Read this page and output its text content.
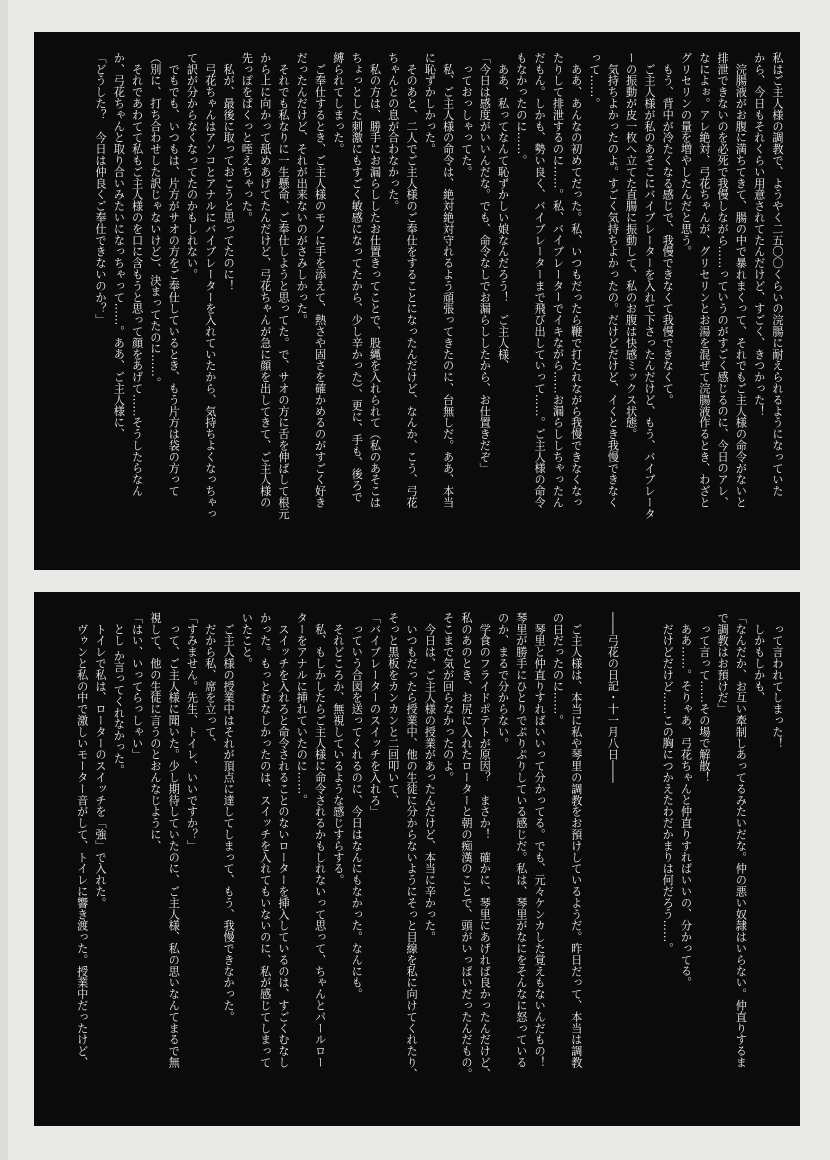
私はご主人様の調教で、ようやく二五〇〇くらいの浣腸に耐えられるようになっていた

から、今日もそれくらい用意されてたんだけど、すごく、きつかった！

　浣腸液がお腹に満ちてきて、腸の中で暴れまくって、それでもご主人様の命令がないと

排泄できないのを必死で我慢しながら……っていうのがすごく感じるのに、今日のアレ、

なによぉ。アレ絶対、弓花ちゃんが、グリセリンとお湯を混ぜて浣腸液作るとき、わざと

グリセリンの量を増やしたんだと思う。

　もう、背中が冷たくなる感じで、我慢できなくて我慢できなくて。

　ご主人様が私のあそこにバイブレーターを入れて下さったんだけど、もう、バイブレータ

ーの振動が皮一枚へ立てた直腸に振動して、私のお腹は快感ミックス状態。

　気持ちよかったのよ。すごく気持ちよかったの。だけどだけど、イくとき我慢できなく

って……。

　ああ、あんなの初めてだった。私、いつもだったら鞭で打たれながら我慢できなくなっ

たりして排泄するのに……。私、バイブレーターでイキながら……お漏らししちゃったん

だもん。しかも、勢い良く、バイブレーターまで飛び出していって……。ご主人様の命令

もなかったのに……。

　ああ、私ってなんて恥ずかしい娘なんだろう！　ご主人様、

「今日は感度がいいんだな。でも、命令なしでお漏らししたから、お仕置きだぞ」

　っておっしゃってた。

　私、ご主人様の命令は、絶対絶対守れるよう頑張ってきたのに、台無しだ。ああ、本当

に恥ずかしかった。

　そのあと、二人でご主人様のご奉仕をすることになったんだけど、なんか、こう、弓花

ちゃんとの息が合わなかった。

　私の方は、勝手にお漏らししたお仕置きってことで、股縄を入れられて（私のあそこは

ちょっとした刺激にもすごく敏感になってたから、少し辛かった）、更に、手も、後ろで

縛られてしまった。

　ご奉仕するとき、ご主人様のモノに手を添えて、熱さや固さを確かめるのがすごく好き

だったんだけど、それが出来ないのがさみしかった。

　それでも私なりに一生懸命、ご奉仕しようと思ってた。で、サオの方に舌を伸ばして根元

から上に向かって舐めあげてたんだけど、弓花ちゃんが急に顔を出してきて、ご主人様の

先っぽをぱくっと咥えちゃった。

　私が、最後に取っておこうと思ってたのに！

　弓花ちゃんはアソコとアナルにバイブレーターを入れていたから、気持ちよくなっちゃっ

て訳が分からなくなってたのかもしれない。

　でもでも、いつもは、片方がサオの方をご奉仕しているとき、もう片方は袋の方って

（別に、打ち合わせした訳じゃないけど）、決まってたのに……。

　それであわてて私もご主人様のを口に含もうと思って顔をあげて……そうしたらなん

か、弓花ちゃんと取り合いみたいになっちゃって……。ああ、ご主人様に、

「どうした？　今日は仲良くご奉仕できないのか？」

　って言われてしまった！

　しかもしかも、

「なんだか、お互い牽制しあってるみたいだな。仲の悪い奴隷はいらない。仲直りするま

で調教はお預けだ」

　って言って……その場で解散！

　ああ……。そりゃあ、弓花ちゃんと仲直りすればいいの、分かってる。

　だけどだけど……この胸につかえたわだかまりは何だろう……。

――弓花の日記・十一月八日――

　ご主人様は、本当に私や琴里の調教をお預けしているようだ。昨日だって、本当は調教

の日だったのに……。

　琴里と仲直りすればいいって分かってる。でも、元々ケンカした覚えもないんだもの！

琴里が勝手にひとりでぷりぷりしている感じだ。私は、琴里がなにをそんなに怒っている

のか、まるで分からない。

　学食のフライドポテトが原因？　まさか！　確かに、琴里にあげれば良かったんだけど、

私のあのとき、お尻に入れたローターと朝の痴漢のことで、頭がいっぱいだったんだもの。

そこまで気が回らなかったのよ。

　今日は、ご主人様の授業があったんだけど、本当に辛かった。

　いつもだったら授業中、他の生徒に分からないようにそっと目線を私に向けてくれたり、

そっと黒板をカンカンと二回叩いて、

「バイブレーターのスイッチを入れろ」

　っていう合図を送ってくれるのに、今日はなんにもなかった。なんにも。

　それどころか、無視しているような感じすらする。

　私、もしかしたらご主人様に命令されるかもしれないって思って、ちゃんとパールロー

ターをアナルに挿れていたのに……。

　スイッチを入れろと命令されることのないローターを挿入しているのは、すごくむなし

かった。もっとむなしかったのは、スイッチを入れてもいないのに、私が感じてしまって

いたこと。

　ご主人様の授業中はそれが頂点に達してしまって、もう、我慢できなかった。

　だから私、席を立って、

「すみません。先生、トイレ、いいですか？」

　って、ご主人様に聞いた。少し期待していたのに、ご主人様、私の思いなんてまるで無

視して、他の生徒に言うのとおんなじように、

「はい、いってらっしゃい」

　とし か言ってくれなかった。

　トイレで私は、ローターのスイッチを「強」で入れた。

　ヴゥンと私の中で激しいモーター音がして、トイレに響き渡った。授業中だったけど、
